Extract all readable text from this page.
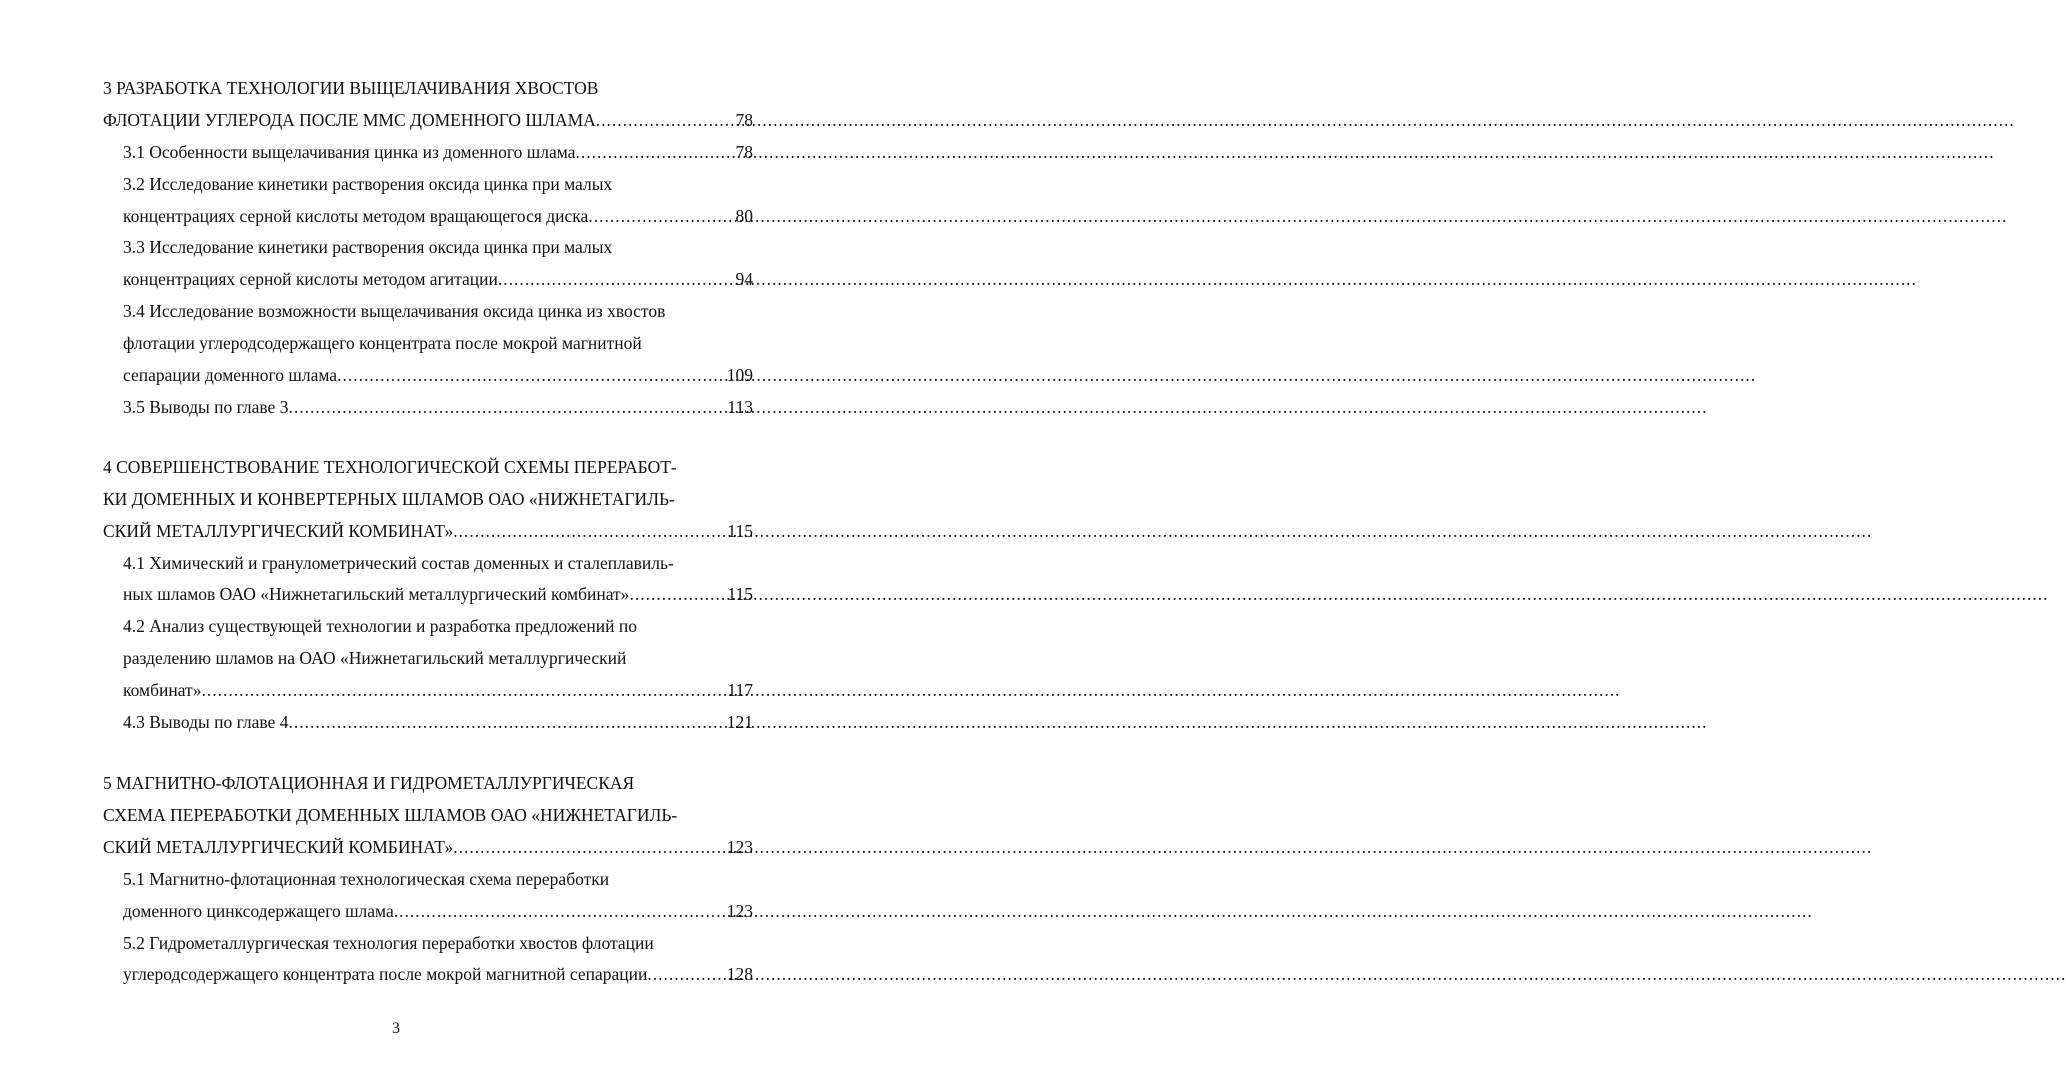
3 РАЗРАБОТКА ТЕХНОЛОГИИ ВЫЩЕЛАЧИВАНИЯ ХВОСТОВ
ФЛОТАЦИИ УГЛЕРОДА ПОСЛЕ ММС ДОМЕННОГО ШЛАМА .....	78
3.1 Особенности выщелачивания цинка из доменного шлама .....	78
3.2 Исследование кинетики растворения оксида цинка при малых
концентрациях серной кислоты методом вращающегося диска .....	80
3.3 Исследование кинетики растворения оксида цинка при малых
концентрациях серной кислоты методом агитации .....	94
3.4 Исследование возможности выщелачивания оксида цинка из хвостов
флотации углеродсодержащего концентрата после мокрой магнитной
сепарации доменного шлама .....	109
3.5 Выводы по главе 3 .....	113
4 СОВЕРШЕНСТВОВАНИЕ ТЕХНОЛОГИЧЕСКОЙ СХЕМЫ ПЕРЕРАБОТ-
КИ ДОМЕННЫХ И КОНВЕРТЕРНЫХ ШЛАМОВ ОАО «НИЖНЕТАГИЛЬ-
СКИЙ МЕТАЛЛУРГИЧЕСКИЙ КОМБИНАТ» .....	115
4.1 Химический и гранулометрический состав доменных и сталеплавиль-
ных шламов ОАО «Нижнетагильский металлургический комбинат» .....	115
4.2 Анализ существующей технологии и разработка предложений по
разделению шламов на ОАО «Нижнетагильский металлургический
комбинат» .....	117
4.3 Выводы по главе 4 .....	121
5 МАГНИТНО-ФЛОТАЦИОННАЯ И ГИДРОМЕТАЛЛУРГИЧЕСКАЯ
СХЕМА ПЕРЕРАБОТКИ ДОМЕННЫХ ШЛАМОВ ОАО «НИЖНЕТАГИЛЬ-
СКИЙ МЕТАЛЛУРГИЧЕСКИЙ КОМБИНАТ» .....	123
5.1 Магнитно-флотационная технологическая схема переработки
доменного цинксодержащего шлама .....	123
5.2 Гидрометаллургическая технология переработки хвостов флотации
углеродсодержащего концентрата после мокрой магнитной сепарации .....	128
3
